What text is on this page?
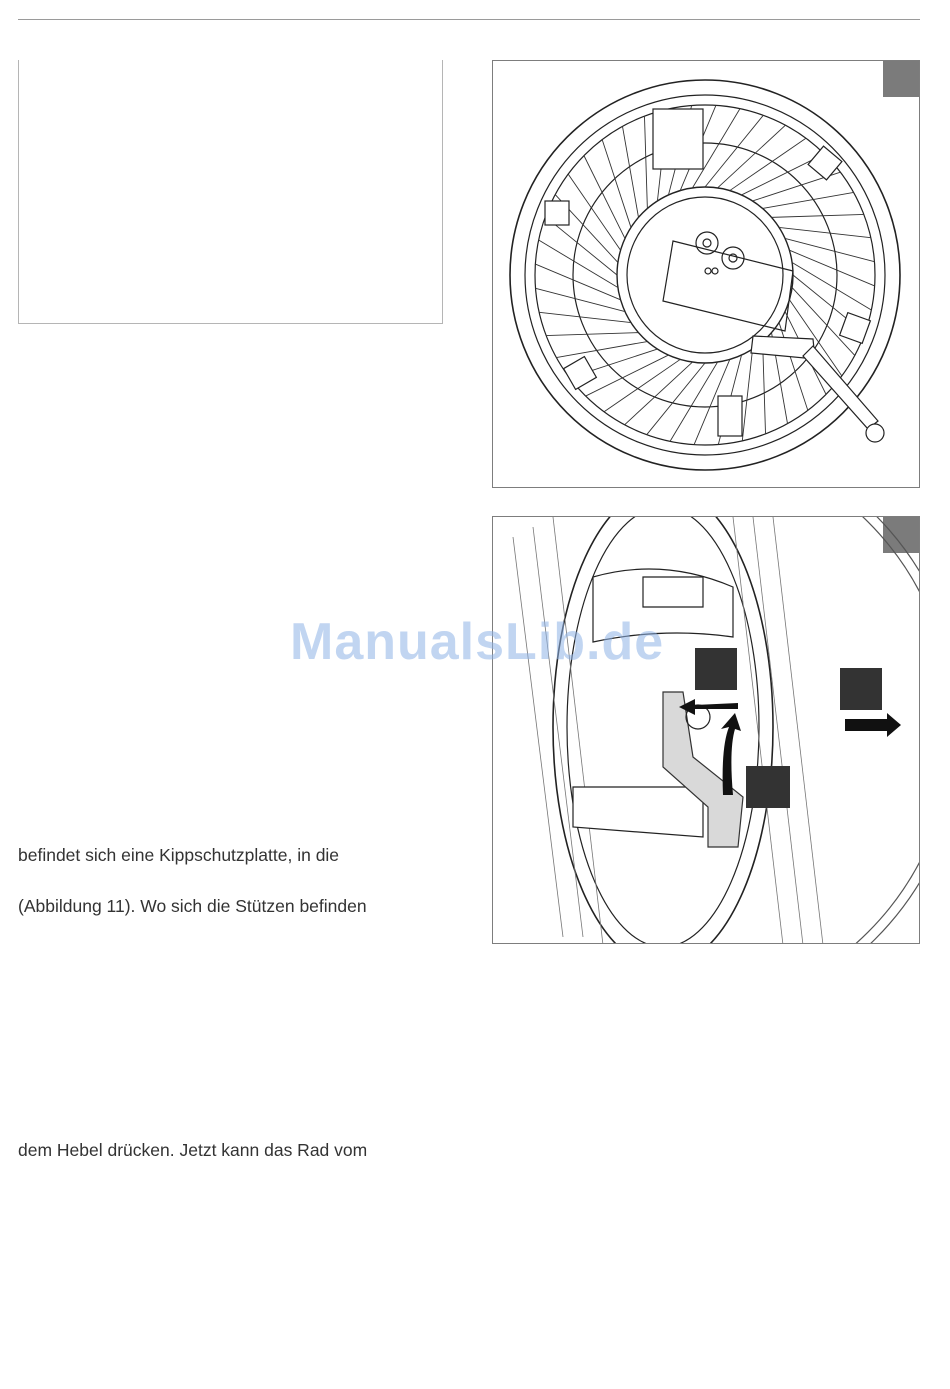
ManualsLib.de
befindet sich eine Kippschutzplatte, in die
(Abbildung 11). Wo sich die Stützen befinden
dem Hebel drücken. Jetzt kann das Rad vom
